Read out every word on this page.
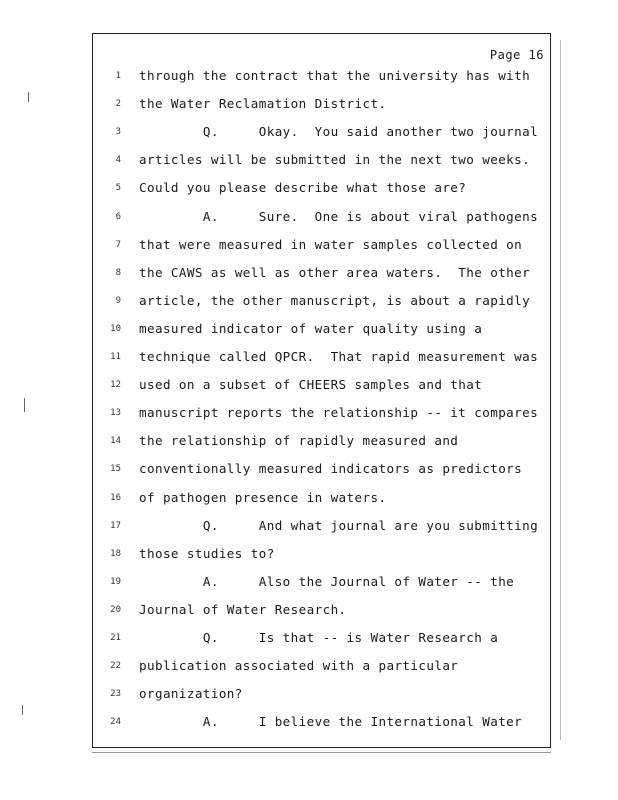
Page 16
1 through the contract that the university has with
2 the Water Reclamation District.
3 Q.     Okay.  You said another two journal
4 articles will be submitted in the next two weeks.
5 Could you please describe what those are?
6 A.     Sure.  One is about viral pathogens
7 that were measured in water samples collected on
8 the CAWS as well as other area waters.  The other
9 article, the other manuscript, is about a rapidly
10 measured indicator of water quality using a
11 technique called QPCR.  That rapid measurement was
12 used on a subset of CHEERS samples and that
13 manuscript reports the relationship -- it compares
14 the relationship of rapidly measured and
15 conventionally measured indicators as predictors
16 of pathogen presence in waters.
17 Q.     And what journal are you submitting
18 those studies to?
19 A.     Also the Journal of Water -- the
20 Journal of Water Research.
21 Q.     Is that -- is Water Research a
22 publication associated with a particular
23 organization?
24 A.     I believe the International Water
